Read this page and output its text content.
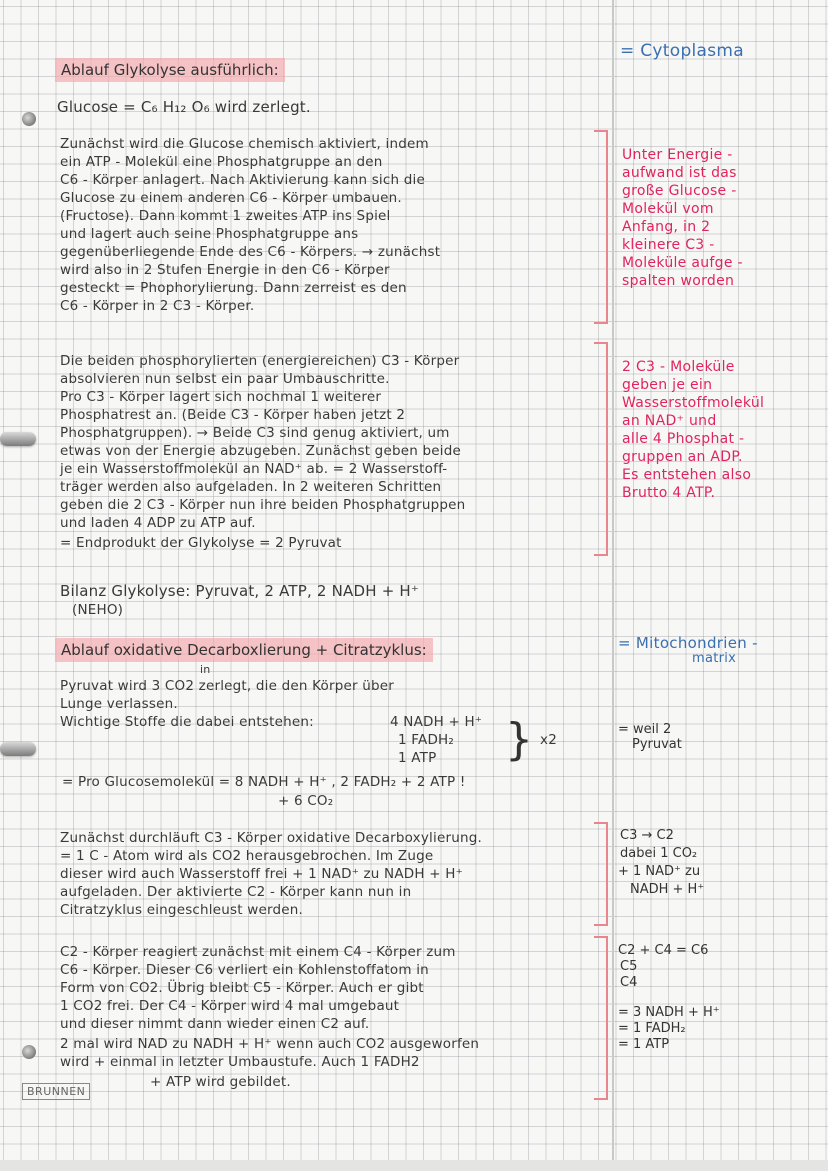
Ablauf Glykolyse ausführlich:
Glucose = C₆ H₁₂ O₆ wird zerlegt.
Zunächst wird die Glucose chemisch aktiviert, indem
ein ATP - Molekül eine Phosphatgruppe an den
C6 - Körper anlagert. Nach Aktivierung kann sich die
Glucose zu einem anderen C6 - Körper umbauen.
(Fructose). Dann kommt 1 zweites ATP ins Spiel
und lagert auch seine Phosphatgruppe ans
gegenüberliegende Ende des C6 - Körpers. → zunächst
wird also in 2 Stufen Energie in den C6 - Körper
gesteckt = Phophorylierung. Dann zerreist es den
C6 - Körper in 2 C3 - Körper.
Die beiden phosphorylierten (energiereichen) C3 - Körper
absolvieren nun selbst ein paar Umbauschritte.
Pro C3 - Körper lagert sich nochmal 1 weiterer
Phosphatrest an. (Beide C3 - Körper haben jetzt 2
Phosphatgruppen). → Beide C3 sind genug aktiviert, um
etwas von der Energie abzugeben. Zunächst geben beide
je ein Wasserstoffmolekül an NAD⁺ ab. = 2 Wasserstoff-
träger werden also aufgeladen. In 2 weiteren Schritten
geben die 2 C3 - Körper nun ihre beiden Phosphatgruppen
und laden 4 ADP zu ATP auf.
= Endprodukt der Glykolyse = 2 Pyruvat
Bilanz Glykolyse: Pyruvat, 2 ATP, 2 NADH + H⁺
(NEHO)
Ablauf oxidative Decarboxlierung + Citratzyklus:
in
Pyruvat wird 3 CO2 zerlegt, die den Körper über
Lunge verlassen.
Wichtige Stoffe die dabei entstehen:	4 NADH + H⁺
1 FADH₂
1 ATP } x2
= Pro Glucosemolekül = 8 NADH + H⁺ , 2 FADH₂ + 2 ATP !
+ 6 CO₂
Zunächst durchläuft C3 - Körper oxidative Decarboxylierung.
= 1 C - Atom wird als CO2 herausgebrochen. Im Zuge
dieser wird auch Wasserstoff frei + 1 NAD⁺ zu NADH + H⁺
aufgeladen. Der aktivierte C2 - Körper kann nun in
Citratzyklus eingeschleust werden.
C2 - Körper reagiert zunächst mit einem C4 - Körper zum
C6 - Körper. Dieser C6 verliert ein Kohlenstoffatom in
Form von CO2. Übrig bleibt C5 - Körper. Auch er gibt
1 CO2 frei. Der C4 - Körper wird 4 mal umgebaut
und dieser nimmt dann wieder einen C2 auf.
2 mal wird NAD zu NADH + H⁺ wenn auch CO2 ausgeworfen
wird + einmal in letzter Umbaustufe. Auch 1 FADH2
+ ATP wird gebildet.
BRUNNEN
= Cytoplasma
Unter Energie -
aufwand ist das
große Glucose -
Molekül vom
Anfang, in 2
kleinere C3 -
Moleküle aufge -
spalten worden
2 C3 - Moleküle
geben je ein
Wasserstoffmolekül
an NAD⁺ und
alle 4 Phosphat -
gruppen an ADP.
Es entstehen also
Brutto 4 ATP.
= Mitochondrien -
matrix
= weil 2
Pyruvat
C3 → C2
dabei 1 CO₂
+ 1 NAD⁺ zu
NADH + H⁺
C2 + C4 = C6
C5
C4
= 3 NADH + H⁺
= 1 FADH₂
= 1 ATP
